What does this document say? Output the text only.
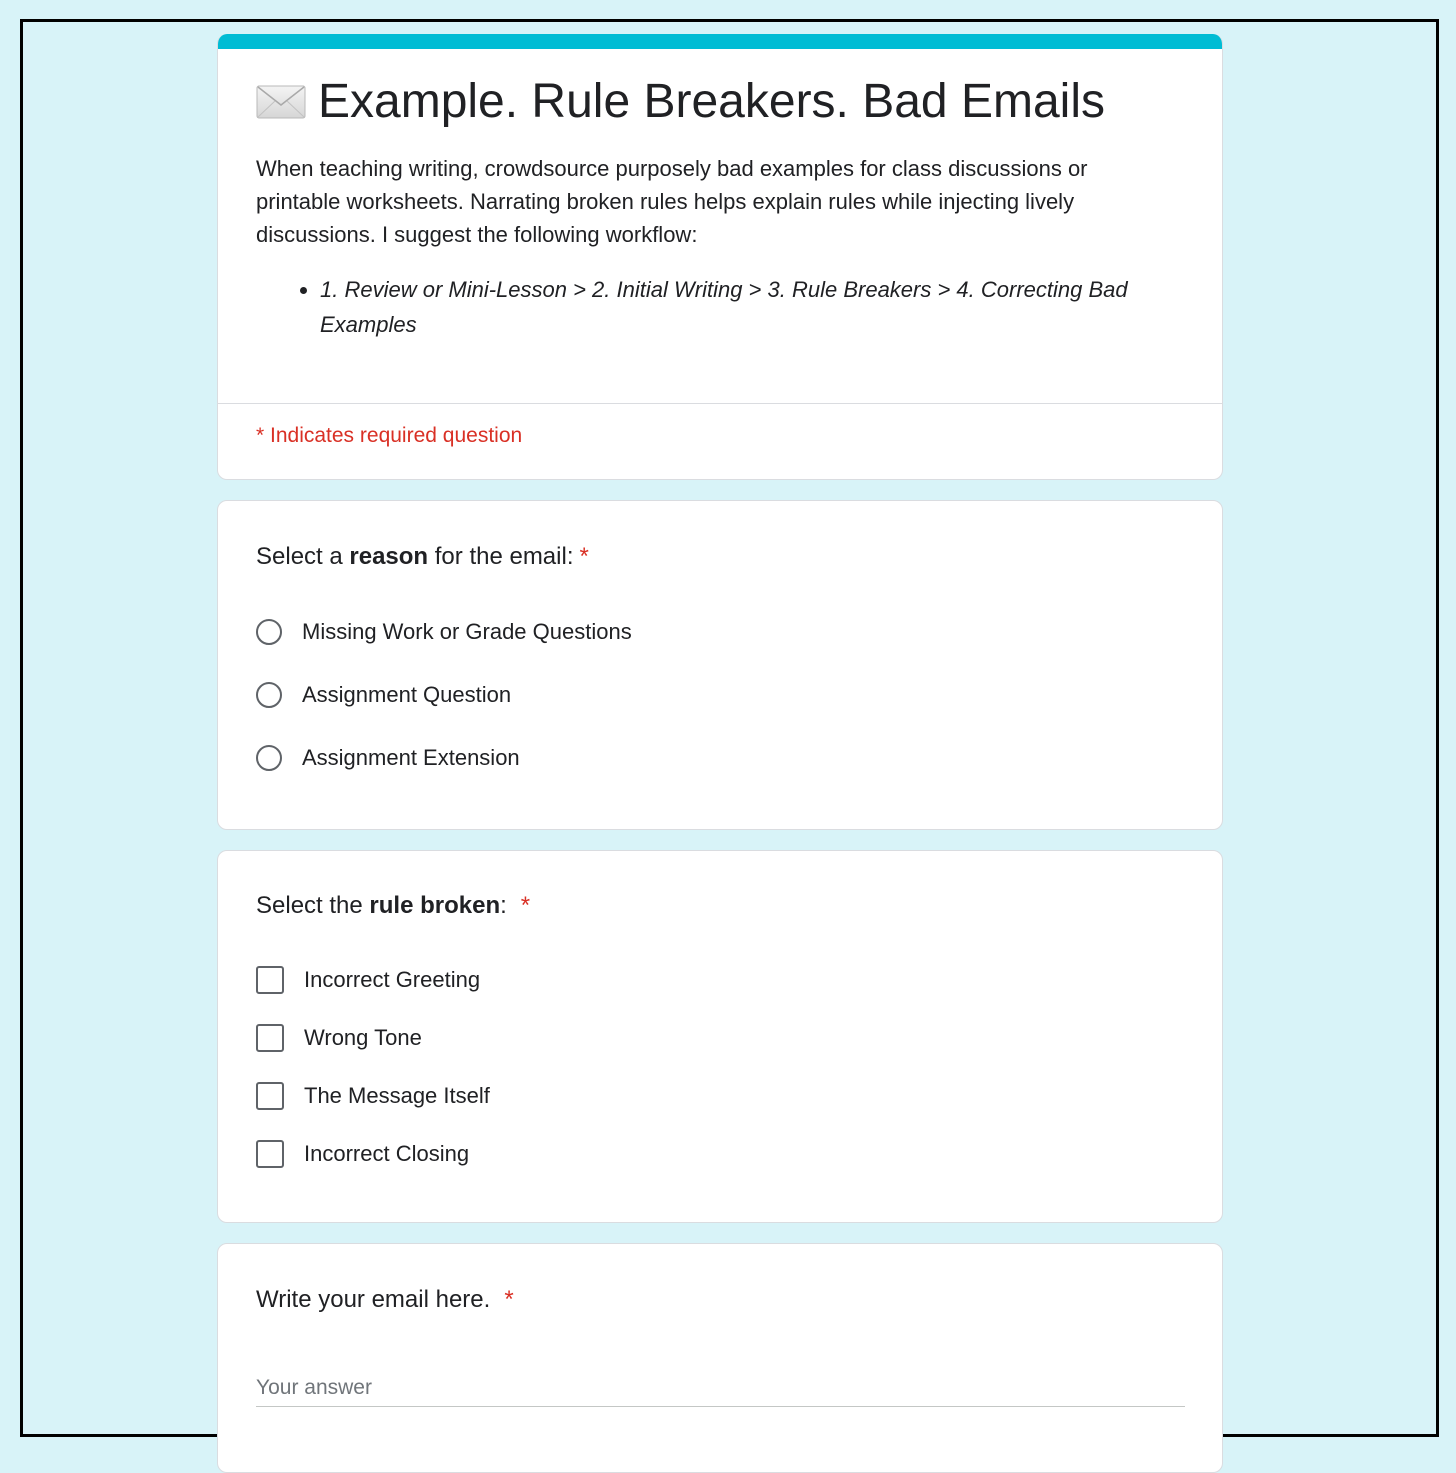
Example. Rule Breakers. Bad Emails
When teaching writing, crowdsource purposely bad examples for class discussions or printable worksheets. Narrating broken rules helps explain rules while injecting lively discussions. I suggest the following workflow:
• 1. Review or Mini-Lesson > 2. Initial Writing > 3. Rule Breakers > 4. Correcting Bad Examples
* Indicates required question
Select a reason for the email: *
Missing Work or Grade Questions
Assignment Question
Assignment Extension
Select the rule broken: *
Incorrect Greeting
Wrong Tone
The Message Itself
Incorrect Closing
Write your email here. *
Your answer
